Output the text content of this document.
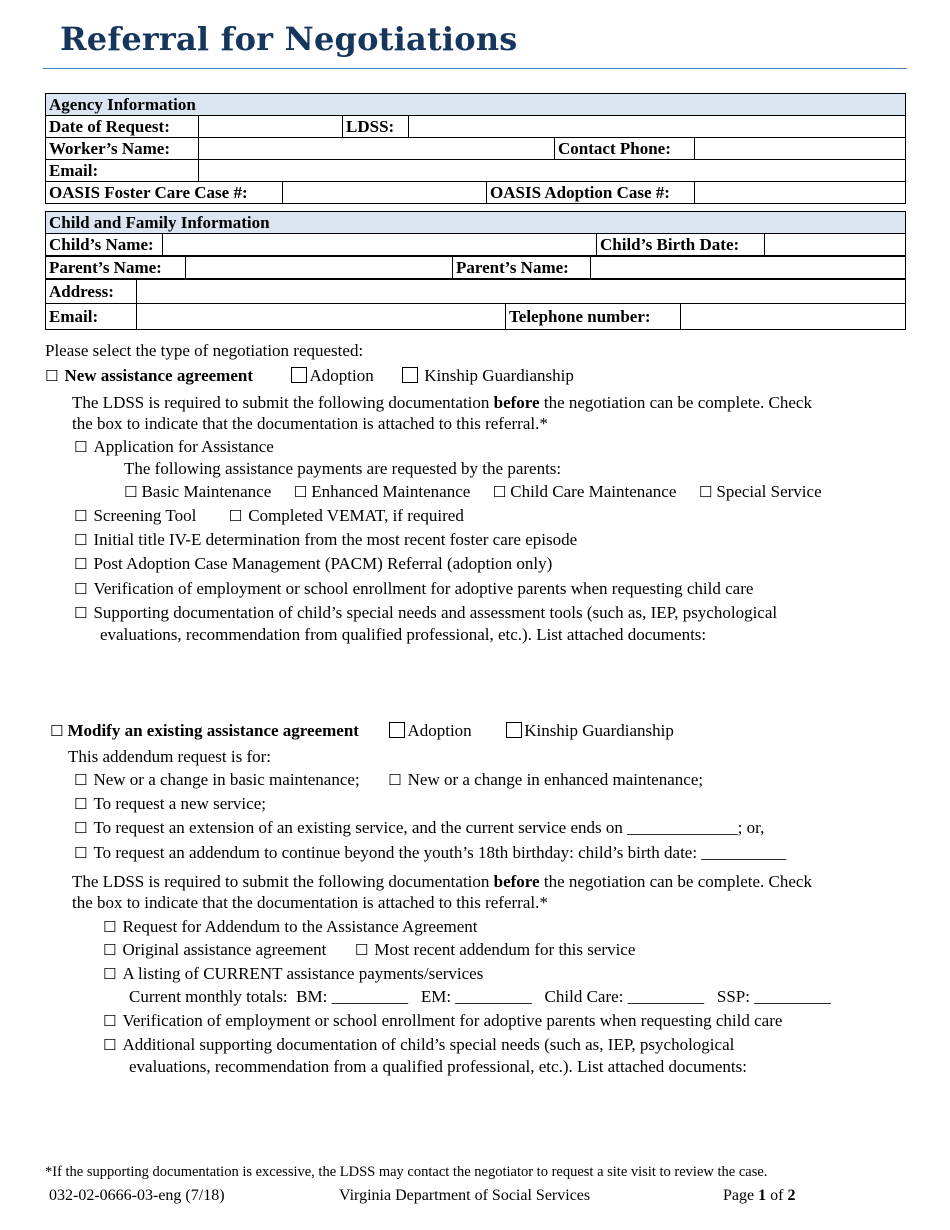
Referral for Negotiations
Agency Information
Date of Request:		LDSS:	
Worker’s Name:		Contact Phone:	
Email:	
OASIS Foster Care Case #:		OASIS Adoption Case #:	
Child and Family Information
Child’s Name:		Child’s Birth Date:	
Parent’s Name:		Parent’s Name:	
Address:	
Email:		Telephone number:	
Please select the type of negotiation requested:
☐ New assistance agreement	Adoption	Kinship Guardianship
The LDSS is required to submit the following documentation before the negotiation can be complete. Check
the box to indicate that the documentation is attached to this referral.*
☐ Application for Assistance
The following assistance payments are requested by the parents:
☐ Basic Maintenance ☐ Enhanced Maintenance ☐ Child Care Maintenance ☐ Special Service
☐ Screening Tool ☐ Completed VEMAT, if required
☐ Initial title IV-E determination from the most recent foster care episode
☐ Post Adoption Case Management (PACM) Referral (adoption only)
☐ Verification of employment or school enrollment for adoptive parents when requesting child care
☐ Supporting documentation of child’s special needs and assessment tools (such as, IEP, psychological
evaluations, recommendation from qualified professional, etc.). List attached documents:
☐ Modify an existing assistance agreement	Adoption	Kinship Guardianship
This addendum request is for:
☐ New or a change in basic maintenance; ☐ New or a change in enhanced maintenance;
☐ To request a new service;
☐ To request an extension of an existing service, and the current service ends on _____________; or,
☐ To request an addendum to continue beyond the youth’s 18th birthday: child’s birth date: __________
The LDSS is required to submit the following documentation before the negotiation can be complete. Check
the box to indicate that the documentation is attached to this referral.*
☐ Request for Addendum to the Assistance Agreement
☐ Original assistance agreement ☐ Most recent addendum for this service
☐ A listing of CURRENT assistance payments/services
Current monthly totals:  BM: _________   EM: _________   Child Care: _________   SSP: _________
☐ Verification of employment or school enrollment for adoptive parents when requesting child care
☐ Additional supporting documentation of child’s special needs (such as, IEP, psychological
evaluations, recommendation from a qualified professional, etc.). List attached documents:
*If the supporting documentation is excessive, the LDSS may contact the negotiator to request a site visit to review the case.
032-02-0666-03-eng (7/18)	Virginia Department of Social Services	Page 1 of 2
